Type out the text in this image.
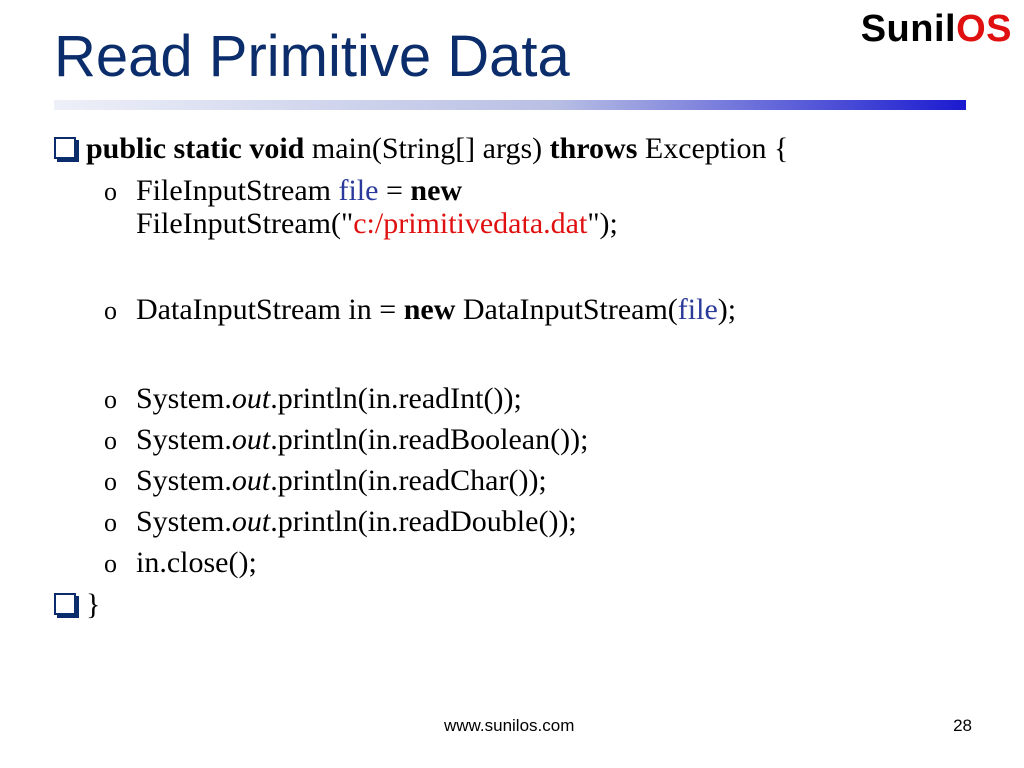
Read Primitive Data	SunilOS
public static void main(String[] args) throws Exception {
o FileInputStream file = new
FileInputStream("c:/primitivedata.dat");
o DataInputStream in = new DataInputStream(file);
o System.out.println(in.readInt());
o System.out.println(in.readBoolean());
o System.out.println(in.readChar());
o System.out.println(in.readDouble());
o in.close();
}
www.sunilos.com	28
